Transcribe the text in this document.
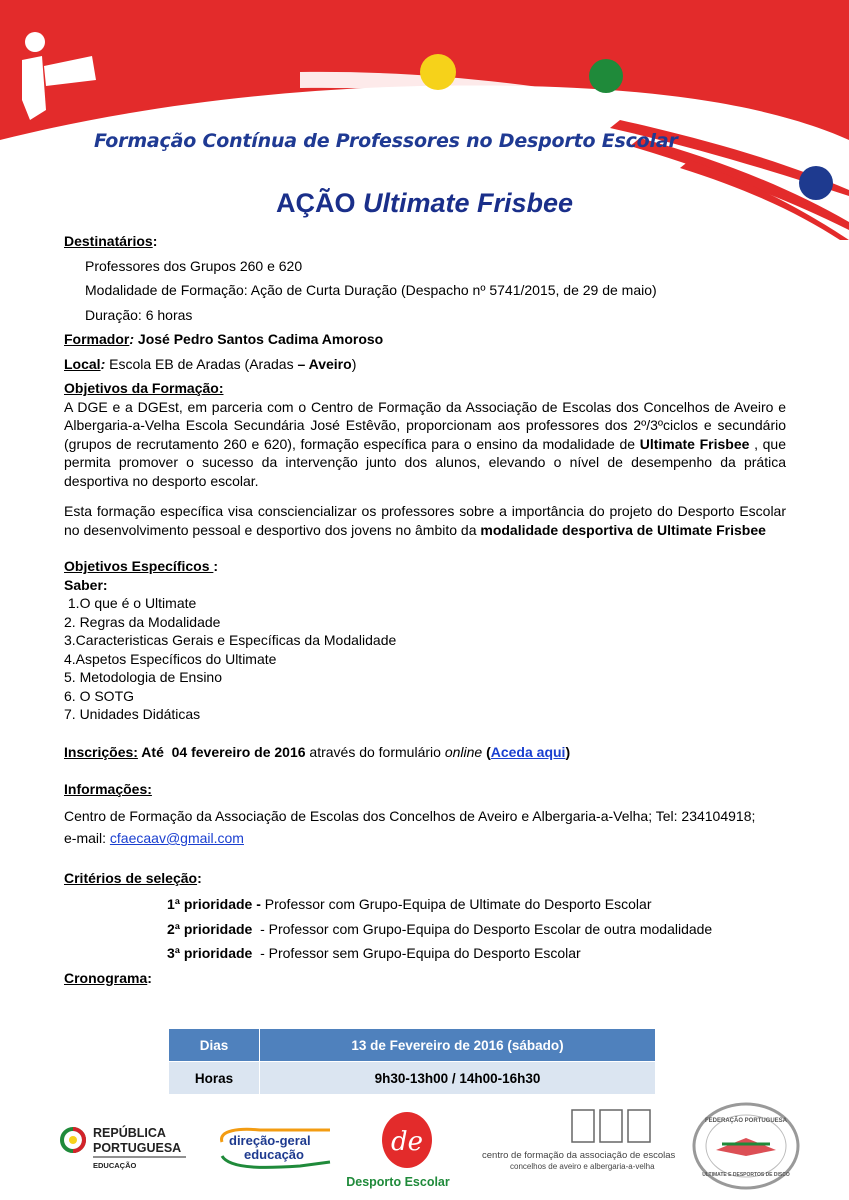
Formação Contínua de Professores no Desporto Escolar
AÇÃO Ultimate Frisbee
Destinatários:
Professores dos Grupos 260 e 620
Modalidade de Formação: Ação de Curta Duração (Despacho nº 5741/2015, de 29 de maio)
Duração: 6 horas
Formador: José Pedro Santos Cadima Amoroso
Local: Escola EB de Aradas (Aradas – Aveiro)
Objetivos da Formação:
A DGE e a DGEst, em parceria com o Centro de Formação da Associação de Escolas dos Concelhos de Aveiro e Albergaria-a-Velha Escola Secundária José Estêvão, proporcionam aos professores dos 2º/3ºciclos e secundário (grupos de recrutamento 260 e 620), formação específica para o ensino da modalidade de Ultimate Frisbee , que permita promover o sucesso da intervenção junto dos alunos, elevando o nível de desempenho da prática desportiva no desporto escolar.
Esta formação específica visa consciencializar os professores sobre a importância do projeto do Desporto Escolar no desenvolvimento pessoal e desportivo dos jovens no âmbito da modalidade desportiva de Ultimate Frisbee
Objetivos Específicos :
Saber:
1.O que é o Ultimate
2. Regras da Modalidade
3.Caracteristicas Gerais e Específicas da Modalidade
4.Aspetos Específicos do Ultimate
5. Metodologia de Ensino
6. O SOTG
7. Unidades Didáticas
Inscrições: Até  04 fevereiro de 2016 através do formulário online (Aceda aqui)
Informações:
Centro de Formação da Associação de Escolas dos Concelhos de Aveiro e Albergaria-a-Velha; Tel: 234104918;
e-mail: cfaecaav@gmail.com
Critérios de seleção:
1ª prioridade - Professor com Grupo-Equipa de Ultimate do Desporto Escolar
2ª prioridade  - Professor com Grupo-Equipa do Desporto Escolar de outra modalidade
3ª prioridade  - Professor sem Grupo-Equipa do Desporto Escolar
Cronograma:
Dias	13 de Fevereiro de 2016 (sábado)
Horas	9h30-13h00 / 14h00-16h30
REPÚBLICA
PORTUGUESA
EDUCAÇÃO
direção-geral
educação	de
Desporto Escolar
centro de formação da associação de escolas
concelhos de aveiro e albergaria-a-velha
FEDERAÇÃO PORTUGUESA
ULTIMATE E DESPORTOS DE DISCO
